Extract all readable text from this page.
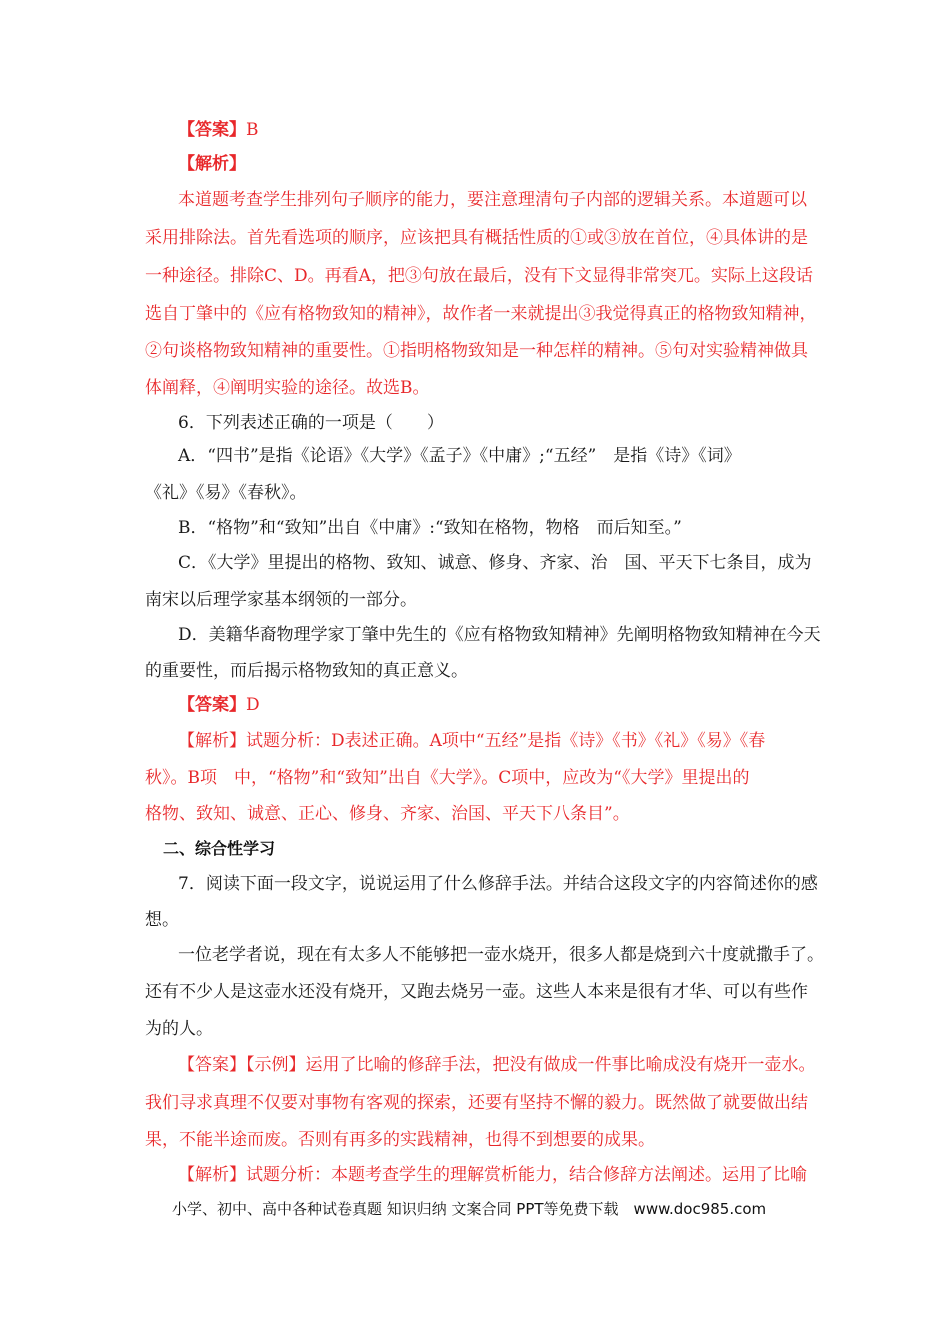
【答案】B
【解析】
本道题考查学生排列句子顺序的能力，要注意理清句子内部的逻辑关系。本道题可以
采用排除法。首先看选项的顺序，应该把具有概括性质的①或③放在首位，④具体讲的是
一种途径。排除C、D。再看A，把③句放在最后，没有下文显得非常突兀。实际上这段话
选自丁肇中的《应有格物致知的精神》，故作者一来就提出③我觉得真正的格物致知精神，
②句谈格物致知精神的重要性。①指明格物致知是一种怎样的精神。⑤句对实验精神做具
体阐释，④阐明实验的途径。故选B。
6．下列表述正确的一项是（　　）
A．“四书”是指《论语》《大学》《孟子》《中庸》;“五经”　是指《诗》《词》
《礼》《易》《春秋》。
B．“格物”和“致知”出自《中庸》:“致知在格物，物格　而后知至。”
C．《大学》里提出的格物、致知、诚意、修身、齐家、治　国、平天下七条目，成为
南宋以后理学家基本纲领的一部分。
D．美籍华裔物理学家丁肇中先生的《应有格物致知精神》先阐明格物致知精神在今天
的重要性，而后揭示格物致知的真正意义。
【答案】D
【解析】试题分析：D表述正确。A项中“五经”是指《诗》《书》《礼》《易》《春
秋》。B项　中，“格物”和“致知”出自《大学》。C项中，应改为“《大学》里提出的
格物、致知、诚意、正心、修身、齐家、治国、平天下八条目”。
二、综合性学习
7．阅读下面一段文字，说说运用了什么修辞手法。并结合这段文字的内容简述你的感
想。
一位老学者说，现在有太多人不能够把一壶水烧开，很多人都是烧到六十度就撒手了。
还有不少人是这壶水还没有烧开，又跑去烧另一壶。这些人本来是很有才华、可以有些作
为的人。
【答案】【示例】运用了比喻的修辞手法，把没有做成一件事比喻成没有烧开一壶水。
我们寻求真理不仅要对事物有客观的探索，还要有坚持不懈的毅力。既然做了就要做出结
果，不能半途而废。否则有再多的实践精神，也得不到想要的成果。
【解析】试题分析：本题考查学生的理解赏析能力，结合修辞方法阐述。运用了比喻
小学、初中、高中各种试卷真题 知识归纳 文案合同 PPT等免费下载　www.doc985.com
